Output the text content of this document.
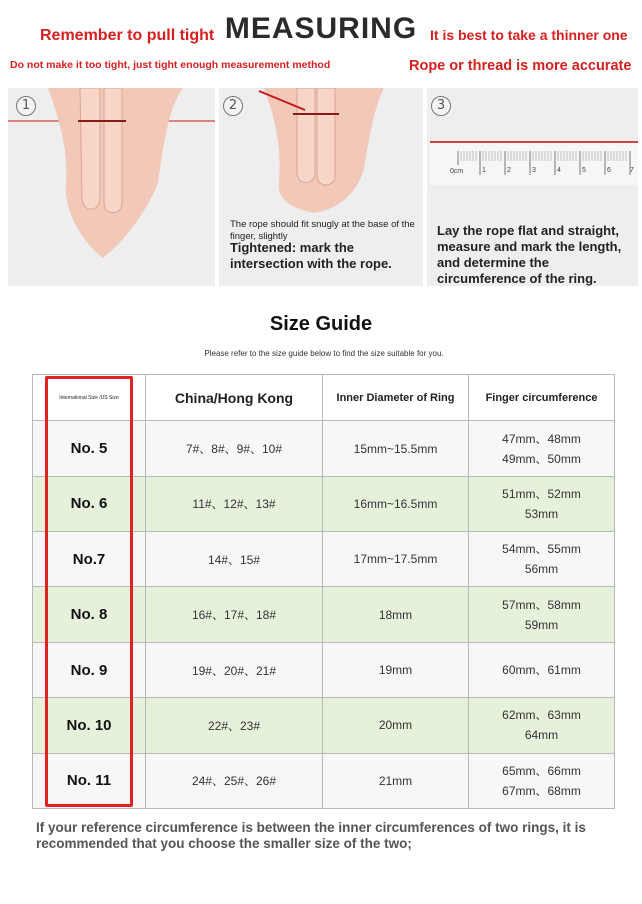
Remember to pull tight MEASURING It is best to take a thinner one
Do not make it too tight, just tight enough measurement method	Rope or thread is more accurate
1	2
The rope should fit snugly at the base of the finger, slightly
Tightened: mark the intersection with the rope.
3
0cm	1	2	3	4	5	6	7
Lay the rope flat and straight, measure and mark the length, and determine the circumference of the ring.
Size Guide
Please refer to the size guide below to find the size suitable for you.
International Size /US Size	China/Hong Kong	Inner Diameter of Ring	Finger circumference
No. 5	7#、8#、9#、10#	15mm~15.5mm	47mm、48mm
49mm、50mm
No. 6	11#、12#、13#	16mm~16.5mm	51mm、52mm
53mm
No.7	14#、15#	17mm~17.5mm	54mm、55mm
56mm
No. 8	16#、17#、18#	18mm	57mm、58mm
59mm
No. 9	19#、20#、21#	19mm	60mm、61mm
No. 10	22#、23#	20mm	62mm、63mm
64mm
No. 11	24#、25#、26#	21mm	65mm、66mm
67mm、68mm
If your reference circumference is between the inner circumferences of two rings, it is recommended that you choose the smaller size of the two;
